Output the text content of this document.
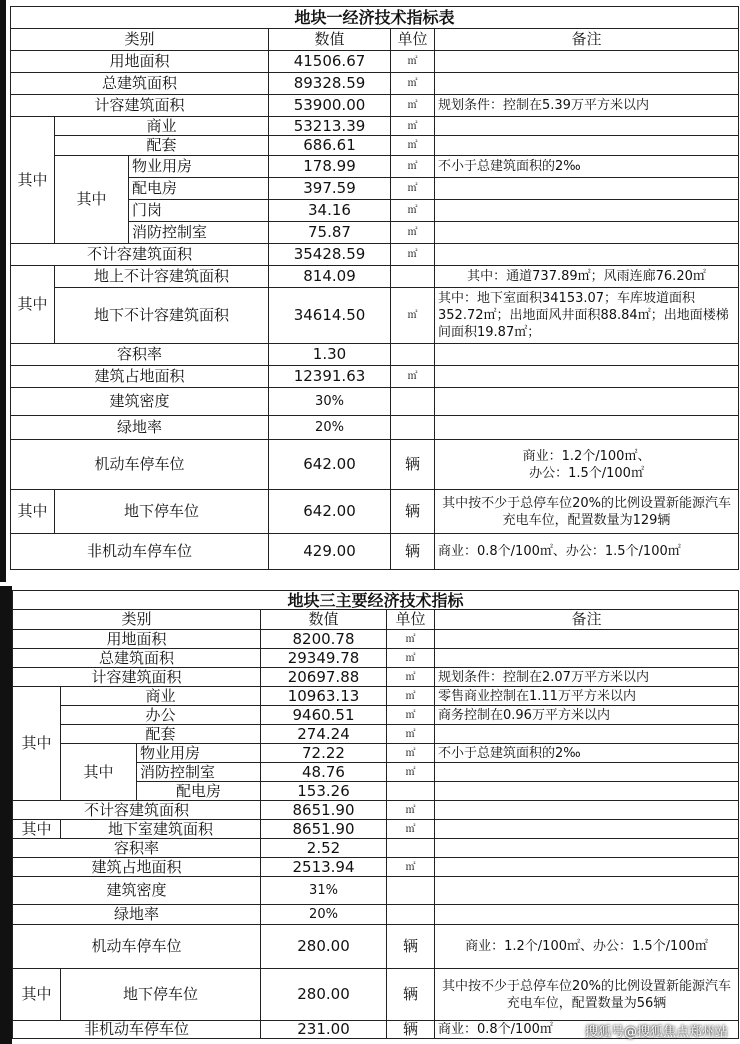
地块一经济技术指标表					
类别			数值	单位	备注
用地面积			41506.67	㎡	
总建筑面积			89328.59	㎡	
计容建筑面积			53900.00	㎡	规划条件：控制在5.39万平方米以内
其中	商业		53213.39	㎡	
	配套		686.61	㎡	
	其中	物业用房	178.99	㎡	不小于总建筑面积的2‰
		配电房	397.59	㎡	
		门岗	34.16	㎡	
		消防控制室	75.87	㎡	
不计容建筑面积			35428.59	㎡	
其中	地上不计容建筑面积		814.09		其中：通道737.89㎡；风雨连廊76.20㎡
	地下不计容建筑面积		34614.50	㎡	其中：地下室面积34153.07；车库坡道面积352.72㎡；出地面风井面积88.84㎡；出地面楼梯间面积19.87㎡；
容积率			1.30		
建筑占地面积			12391.63	㎡	
建筑密度			30%		
绿地率			20%		
机动车停车位			642.00	辆	商业：1.2个/100㎡、
办公：1.5个/100㎡

其中	地下停车位		642.00	辆	其中按不少于总停车位20%的比例设置新能源汽车充电车位，配置数量为129辆
非机动车停车位			429.00	辆	商业：0.8个/100㎡、办公：1.5个/100㎡
地块三主要经济技术指标					
类别			数值	单位	备注
用地面积			8200.78	㎡	
总建筑面积			29349.78	㎡	
计容建筑面积			20697.88	㎡	规划条件：控制在2.07万平方米以内
其中	商业		10963.13	㎡	零售商业控制在1.11万平方米以内
	办公		9460.51	㎡	商务控制在0.96万平方米以内
	配套		274.24	㎡	
	其中	物业用房	72.22	㎡	不小于总建筑面积的2‰
		消防控制室	48.76	㎡	
		配电房	153.26		
不计容建筑面积			8651.90	㎡	
其中	地下室建筑面积		8651.90	㎡	
容积率			2.52		
建筑占地面积			2513.94	㎡	
建筑密度			31%		
绿地率			20%		
机动车停车位			280.00	辆	商业：1.2个/100㎡、办公：1.5个/100㎡
其中	地下停车位		280.00	辆	其中按不少于总停车位20%的比例设置新能源汽车充电车位，配置数量为56辆
非机动车停车位			231.00	辆	商业：0.8个/100㎡ 搜狐号@搜狐焦点郑州站
